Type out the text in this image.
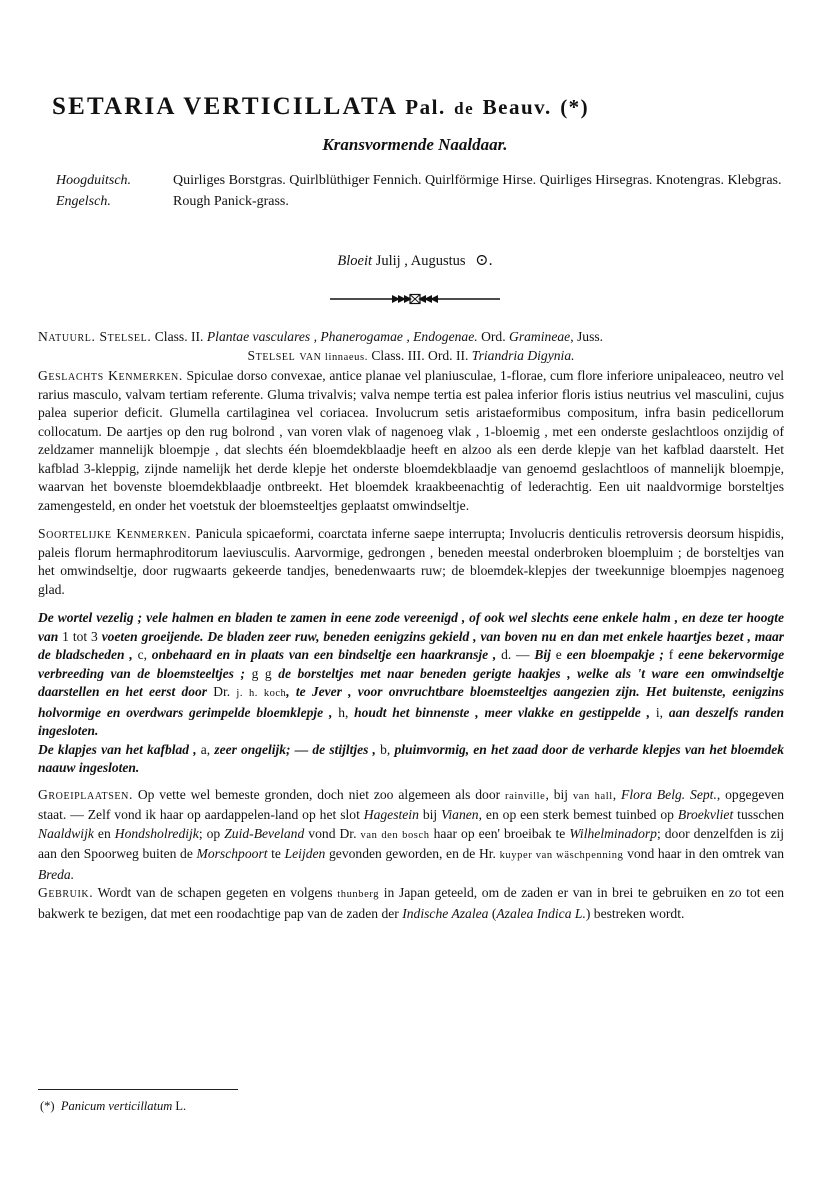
SETARIA VERTICILLATA Pal. de Beauv. (*)
Kransvormende Naaldaar.
Hoogduitsch.	Quirliges Borstgras. Quirlblüthiger Fennich. Quirlförmige Hirse. Quirliges Hirsegras. Knotengras. Klebgras.
Engelsch.	Rough Panick-grass.
Bloeit Julij , Augustus ⊙.

Natuurl. Stelsel. Class. II. Plantae vasculares , Phanerogamae , Endogenae. Ord. Gramineae, Juss.

Stelsel van linnaeus. Class. III. Ord. II. Triandria Digynia.

Geslachts Kenmerken. Spiculae dorso convexae, antice planae vel planiusculae, 1-florae, cum flore inferiore unipaleaceo, neutro vel rarius masculo, valvam tertiam referente. Gluma trivalvis; valva nempe tertia est palea inferior floris istius neutrius vel masculini, cujus palea superior deficit. Glumella cartilaginea vel coriacea. Involucrum setis aristaeformibus compositum, infra basin pedicellorum collocatum. De aartjes op den rug bolrond , van voren vlak of nagenoeg vlak , 1-bloemig , met een onderste geslachtloos onzijdig of zeldzamer mannelijk bloempje , dat slechts één bloemdekblaadje heeft en alzoo als een derde klepje van het kafblad daarstelt. Het kafblad 3-kleppig, zijnde namelijk het derde klepje het onderste bloemdekblaadje van genoemd geslachtloos of mannelijk bloempje, waarvan het bovenste bloemdekblaadje ontbreekt. Het bloemdek kraakbeenachtig of lederachtig. Een uit naaldvormige borsteltjes zamengesteld, en onder het voetstuk der bloemsteeltjes geplaatst omwindseltje.

Soortelijke Kenmerken. Panicula spicaeformi, coarctata inferne saepe interrupta; Involucris denticulis retroversis deorsum hispidis, paleis florum hermaphroditorum laeviusculis. Aarvormige, gedrongen , beneden meestal onderbroken bloempluim ; de borsteltjes van het omwindseltje, door rugwaarts gekeerde tandjes, benedenwaarts ruw; de bloemdek-klepjes der tweekunnige bloempjes nagenoeg glad.

De wortel vezelig ; vele halmen en bladen te zamen in eene zode vereenigd , of ook wel slechts eene enkele halm , en deze ter hoogte van 1 tot 3 voeten groeijende. De bladen zeer ruw, beneden eenigzins gekield , van boven nu en dan met enkele haartjes bezet , maar de bladscheden , c, onbehaard en in plaats van een bindseltje een haarkransje , d. — Bij e een bloempakje ; f eene bekervormige verbreeding van de bloemsteeltjes ; g g de borsteltjes met naar beneden gerigte haakjes , welke als 't ware een omwindseltje daarstellen en het eerst door Dr. j. h. koch, te Jever , voor onvruchtbare bloemsteeltjes aangezien zijn. Het buitenste, eenigzins holvormige en overdwars gerimpelde bloemklepje , h, houdt het binnenste , meer vlakke en gestippelde , i, aan deszelfs randen ingesloten.

De klapjes van het kafblad , a, zeer ongelijk; — de stijltjes , b, pluimvormig, en het zaad door de verharde klepjes van het bloemdek naauw ingesloten.

Groeiplaatsen. Op vette wel bemeste gronden, doch niet zoo algemeen als door rainville, bij van hall, Flora Belg. Sept., opgegeven staat. — Zelf vond ik haar op aardappelen-land op het slot Hagestein bij Vianen, en op een sterk bemest tuinbed op Broekvliet tusschen Naaldwijk en Hondsholredijk; op Zuid-Beveland vond Dr. van den bosch haar op een' broeibak te Wilhelminadorp; door denzelfden is zij aan den Spoorweg buiten de Morschpoort te Leijden gevonden geworden, en de Hr. kuyper van wäschpenning vond haar in den omtrek van Breda.

Gebruik. Wordt van de schapen gegeten en volgens thunberg in Japan geteeld, om de zaden er van in brei te gebruiken en zo tot een bakwerk te bezigen, dat met een roodachtige pap van de zaden der Indische Azalea (Azalea Indica L.) bestreken wordt.

(*) Panicum verticillatum L.
